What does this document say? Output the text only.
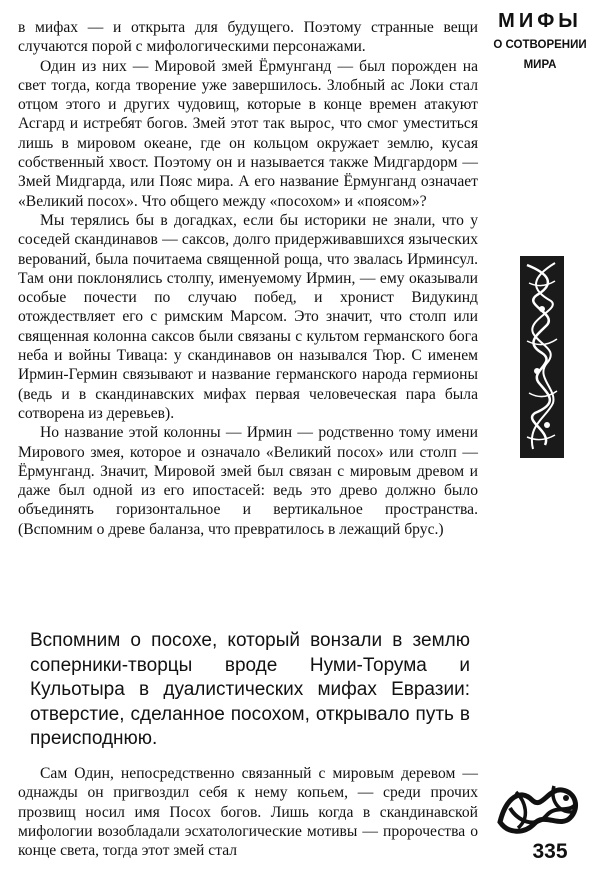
в мифах — и открыта для будущего. Поэтому странные вещи случаются порой с мифологическими персонажами.

Один из них — Мировой змей Ёрмунганд — был порожден на свет тогда, когда творение уже завершилось. Злобный ас Локи стал отцом этого и других чудовищ, которые в конце времен атакуют Асгард и истребят богов. Змей этот так вырос, что смог уместиться лишь в мировом океане, где он кольцом окружает землю, кусая собственный хвост. Поэтому он и называется также Мидгардорм — Змей Мидгарда, или Пояс мира. А его название Ёрмунганд означает «Великий посох». Что общего между «посохом» и «поясом»?

Мы терялись бы в догадках, если бы историки не знали, что у соседей скандинавов — саксов, долго придерживавшихся языческих верований, была почитаема священной роща, что звалась Ирминсул. Там они поклонялись столпу, именуемому Ирмин, — ему оказывали особые почести по случаю побед, и хронист Видукинд отождествляет его с римским Марсом. Это значит, что столп или священная колонна саксов были связаны с культом германского бога неба и войны Тиваца: у скандинавов он назывался Тюр. С именем Ирмин-Гермин связывают и название германского народа гермионы (ведь и в скандинавских мифах первая человеческая пара была сотворена из деревьев).

Но название этой колонны — Ирмин — родственно тому имени Мирового змея, которое и означало «Великий посох» или столп — Ёрмунганд. Значит, Мировой змей был связан с мировым древом и даже был одной из его ипостасей: ведь это древо должно было объединять горизонтальное и вертикальное пространства. (Вспомним о древе баланза, что превратилось в лежащий брус.)

Вспомним о посохе, который вонзали в землю соперники-творцы вроде Нуми-Торума и Кульотыра в дуалистических мифах Евразии: отверстие, сделанное посохом, открывало путь в преисподнюю.

Сам Один, непосредственно связанный с мировым деревом — однажды он пригвоздил себя к нему копьем, — среди прочих прозвищ носил имя Посох богов. Лишь когда в скандинавской мифологии возобладали эсхатологические мотивы — пророчества о конце света, тогда этот змей стал

МИФЫ
О СОТВОРЕНИИ
МИРА
335
